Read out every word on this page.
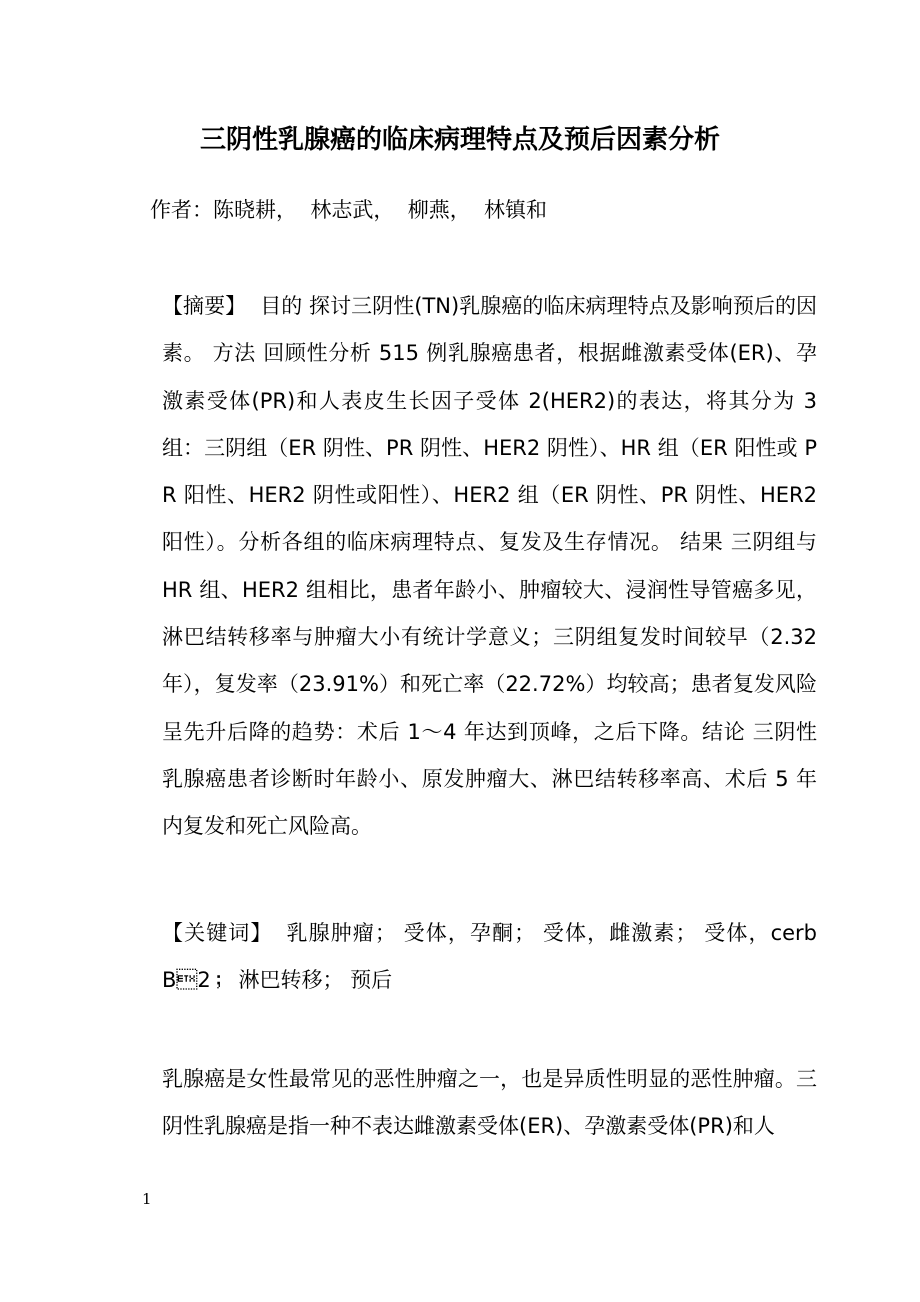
三阴性乳腺癌的临床病理特点及预后因素分析
作者：陈晓耕，  林志武，  柳燕，  林镇和
【摘要】 目的 探讨三阴性(TN)乳腺癌的临床病理特点及影响预后的因素。 方法 回顾性分析 515 例乳腺癌患者，根据雌激素受体(ER)、孕激素受体(PR)和人表皮生长因子受体 2(HER2)的表达，将其分为 3 组：三阴组（ER 阴性、PR 阴性、HER2 阴性）、HR 组（ER 阳性或 PR 阳性、HER2 阴性或阳性）、HER2 组（ER 阴性、PR 阴性、HER2 阳性）。分析各组的临床病理特点、复发及生存情况。 结果 三阴组与 HR 组、HER2 组相比，患者年龄小、肿瘤较大、浸润性导管癌多见，淋巴结转移率与肿瘤大小有统计学意义；三阴组复发时间较早（2.32 年），复发率（23.91%）和死亡率（22.72%）均较高；患者复发风险呈先升后降的趋势：术后 1～4 年达到顶峰，之后下降。结论 三阴性乳腺癌患者诊断时年龄小、原发肿瘤大、淋巴结转移率高、术后 5 年内复发和死亡风险高。
【关键词】 乳腺肿瘤； 受体，孕酮； 受体，雌激素； 受体，cerbB2； 淋巴转移； 预后
乳腺癌是女性最常见的恶性肿瘤之一，也是异质性明显的恶性肿瘤。三阴性乳腺癌是指一种不表达雌激素受体(ER)、孕激素受体(PR)和人
1
